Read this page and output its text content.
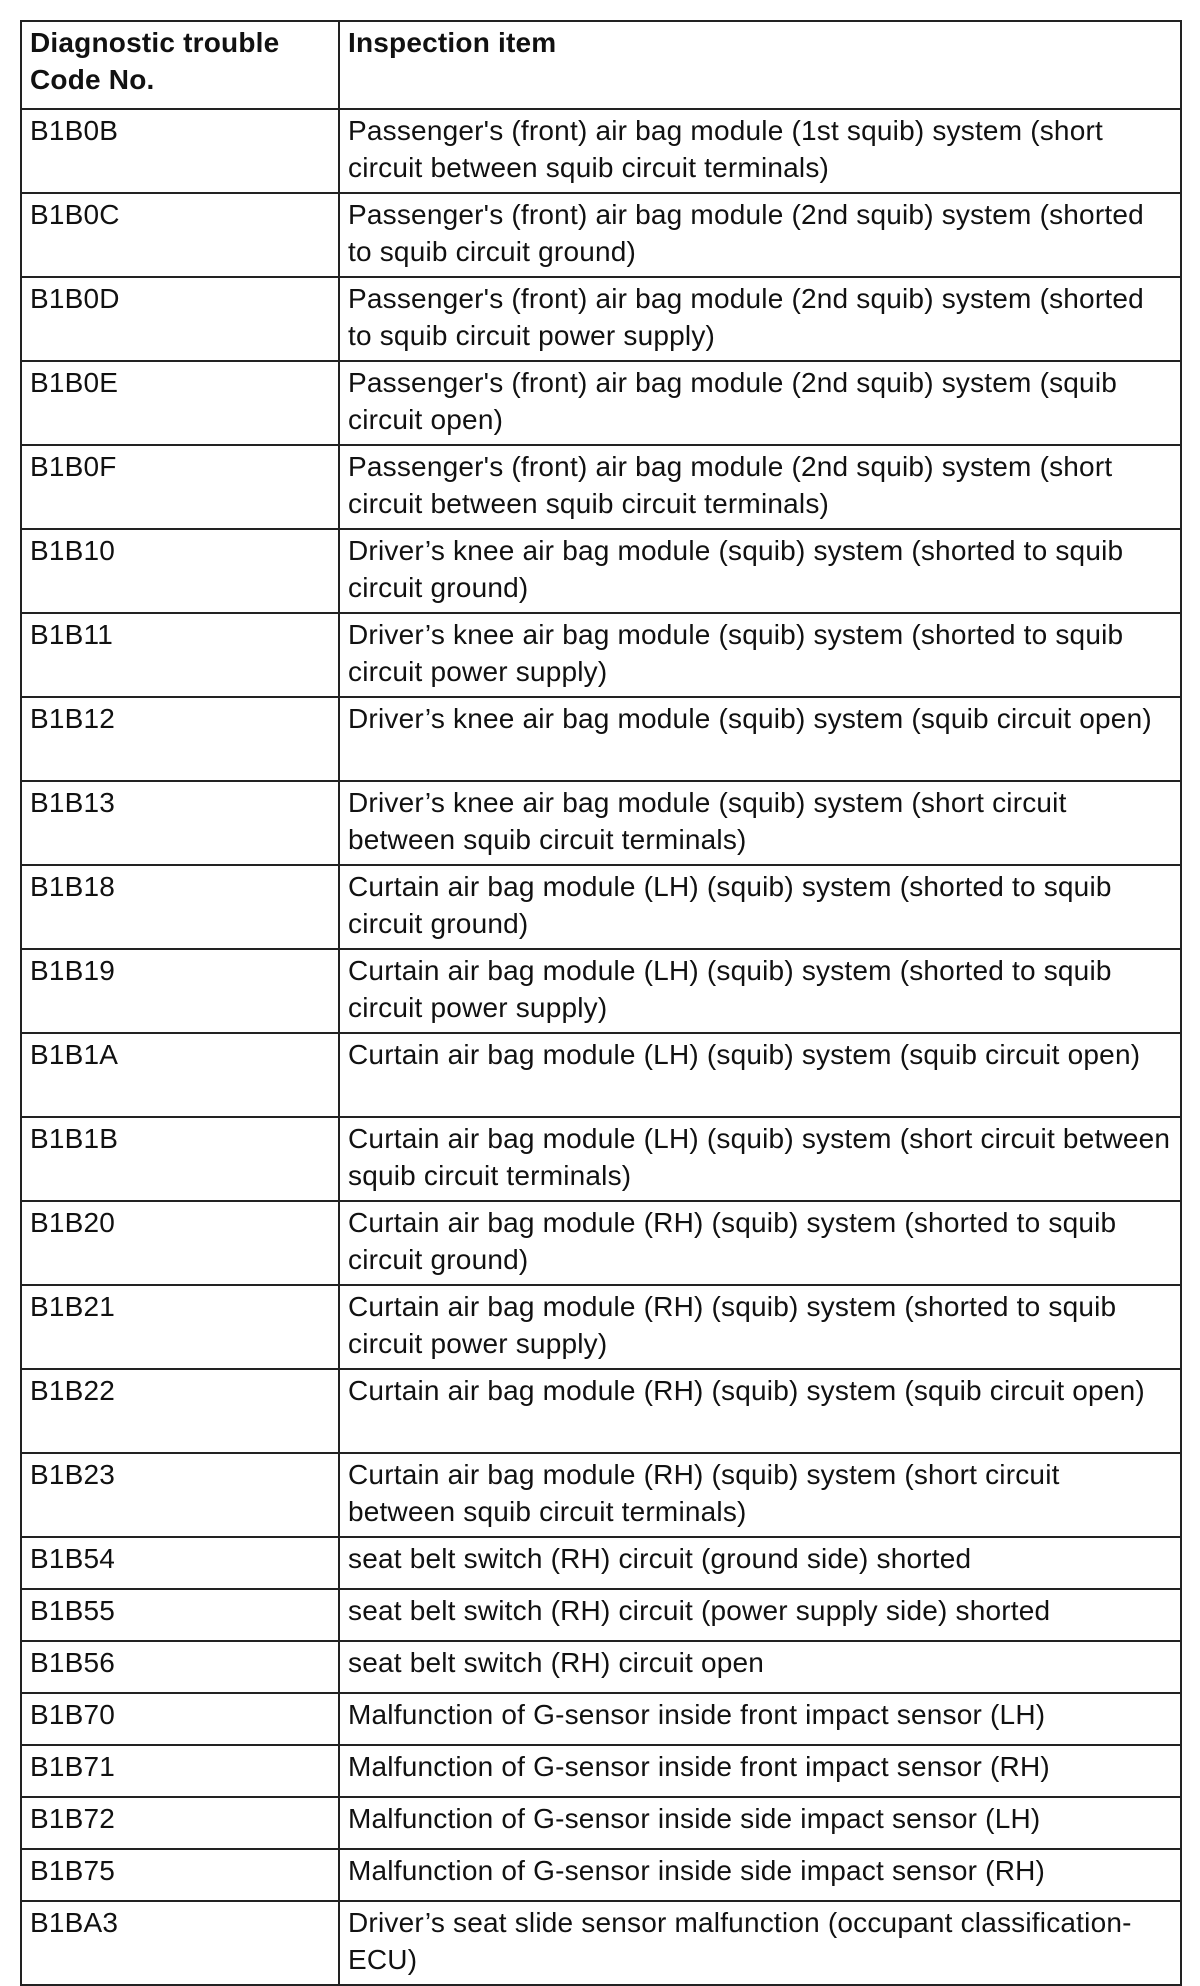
Diagnostic trouble Code No.	Inspection item
B1B0B	Passenger's (front) air bag module (1st squib) system (short circuit between squib circuit terminals)
B1B0C	Passenger's (front) air bag module (2nd squib) system (shorted to squib circuit ground)
B1B0D	Passenger's (front) air bag module (2nd squib) system (shorted to squib circuit power supply)
B1B0E	Passenger's (front) air bag module (2nd squib) system (squib circuit open)
B1B0F	Passenger's (front) air bag module (2nd squib) system (short circuit between squib circuit terminals)
B1B10	Driver’s knee air bag module (squib) system (shorted to squib circuit ground)
B1B11	Driver’s knee air bag module (squib) system (shorted to squib circuit power supply)
B1B12	Driver’s knee air bag module (squib) system (squib circuit open)
B1B13	Driver’s knee air bag module (squib) system (short circuit between squib circuit terminals)
B1B18	Curtain air bag module (LH) (squib) system (shorted to squib circuit ground)
B1B19	Curtain air bag module (LH) (squib) system (shorted to squib circuit power supply)
B1B1A	Curtain air bag module (LH) (squib) system (squib circuit open)
B1B1B	Curtain air bag module (LH) (squib) system (short circuit between squib circuit terminals)
B1B20	Curtain air bag module (RH) (squib) system (shorted to squib circuit ground)
B1B21	Curtain air bag module (RH) (squib) system (shorted to squib circuit power supply)
B1B22	Curtain air bag module (RH) (squib) system (squib circuit open)
B1B23	Curtain air bag module (RH) (squib) system (short circuit between squib circuit terminals)
B1B54	seat belt switch (RH) circuit (ground side) shorted
B1B55	seat belt switch (RH) circuit (power supply side) shorted
B1B56	seat belt switch (RH) circuit open
B1B70	Malfunction of G-sensor inside front impact sensor (LH)
B1B71	Malfunction of G-sensor inside front impact sensor (RH)
B1B72	Malfunction of G-sensor inside side impact sensor (LH)
B1B75	Malfunction of G-sensor inside side impact sensor (RH)
B1BA3	Driver’s seat slide sensor malfunction (occupant classification-ECU)
